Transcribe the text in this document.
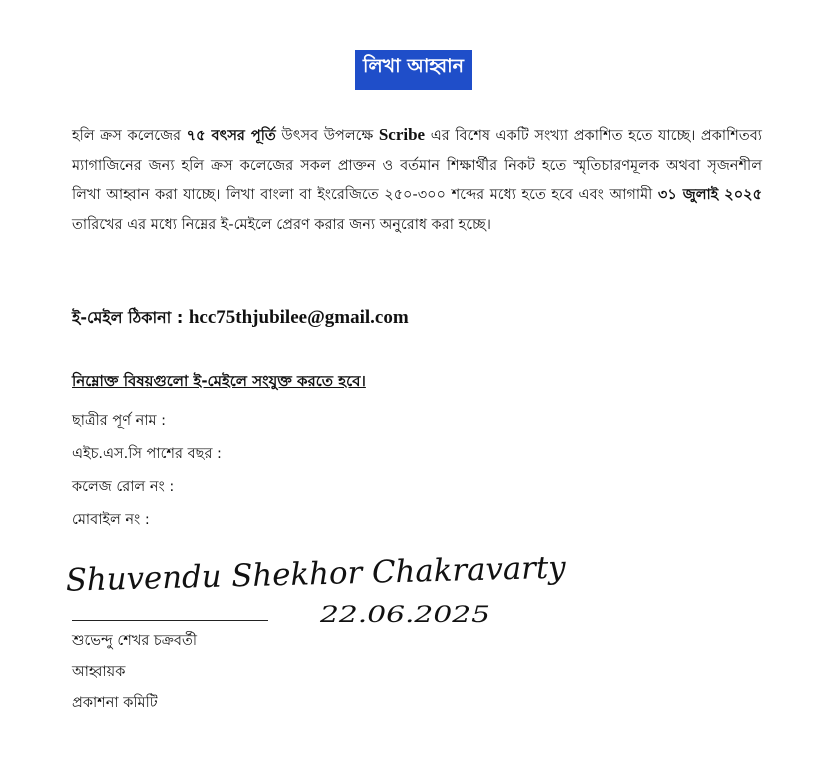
লিখা আহ্বান

হলি ক্রস কলেজের ৭৫ বৎসর পূর্তি উৎসব উপলক্ষে Scribe এর বিশেষ একটি সংখ্যা প্রকাশিত হতে যাচ্ছে। প্রকাশিতব্য ম্যাগাজিনের জন্য হলি ক্রস কলেজের সকল প্রাক্তন ও বর্তমান শিক্ষার্থীর নিকট হতে স্মৃতিচারণমূলক অথবা সৃজনশীল লিখা আহ্বান করা যাচ্ছে। লিখা বাংলা বা ইংরেজিতে ২৫০-৩০০ শব্দের মধ্যে হতে হবে এবং আগামী ৩১ জুলাই ২০২৫ তারিখের এর মধ্যে নিম্নের ই-মেইলে প্রেরণ করার জন্য অনুরোধ করা হচ্ছে।

ই-মেইল ঠিকানা : hcc75thjubilee@gmail.com
নিম্নোক্ত বিষয়গুলো ই-মেইলে সংযুক্ত করতে হবে।
ছাত্রীর পূর্ণ নাম :
এইচ.এস.সি পাশের বছর :
কলেজ রোল নং :
মোবাইল নং :
Shuvendu Shekhor Chakravarty
22.06.2025
শুভেন্দু শেখর চক্রবর্তী
আহ্বায়ক
প্রকাশনা কমিটি
